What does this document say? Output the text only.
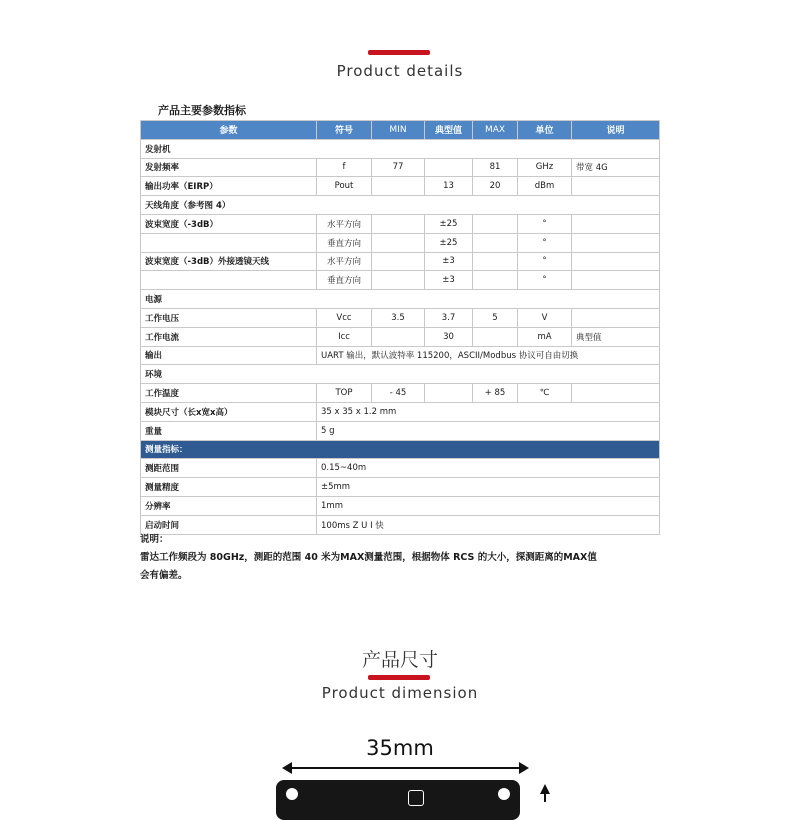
Product details
产品主要参数指标
参数	符号	MIN	典型值	MAX	单位	说明
发射机						
发射频率	f	77		81	GHz	带宽 4G
输出功率（EIRP）	Pout		13	20	dBm	
天线角度（参考图 4）						
波束宽度（-3dB）	水平方向		±25		°	
	垂直方向		±25		°	
波束宽度（-3dB）外接透镜天线	水平方向		±3		°	
	垂直方向		±3		°	
电源						
工作电压	Vcc	3.5	3.7	5	V	
工作电流	Icc		30		mA	典型值
输出	UART 输出，默认波特率 115200，ASCII/Modbus 协议可自由切换					
环境						
工作温度	TOP	- 45		+ 85	℃	
模块尺寸（长x宽x高）	35 x 35 x 1.2 mm					
重量	5 g					
测量指标：						
测距范围	0.15~40m					
测量精度	±5mm					
分辨率	1mm					
启动时间	100ms Z U I 快					
说明：
雷达工作频段为 80GHz，测距的范围 40 米为MAX测量范围，根据物体 RCS 的大小，探测距离的MAX值
会有偏差。
产品尺寸
Product dimension
35mm
